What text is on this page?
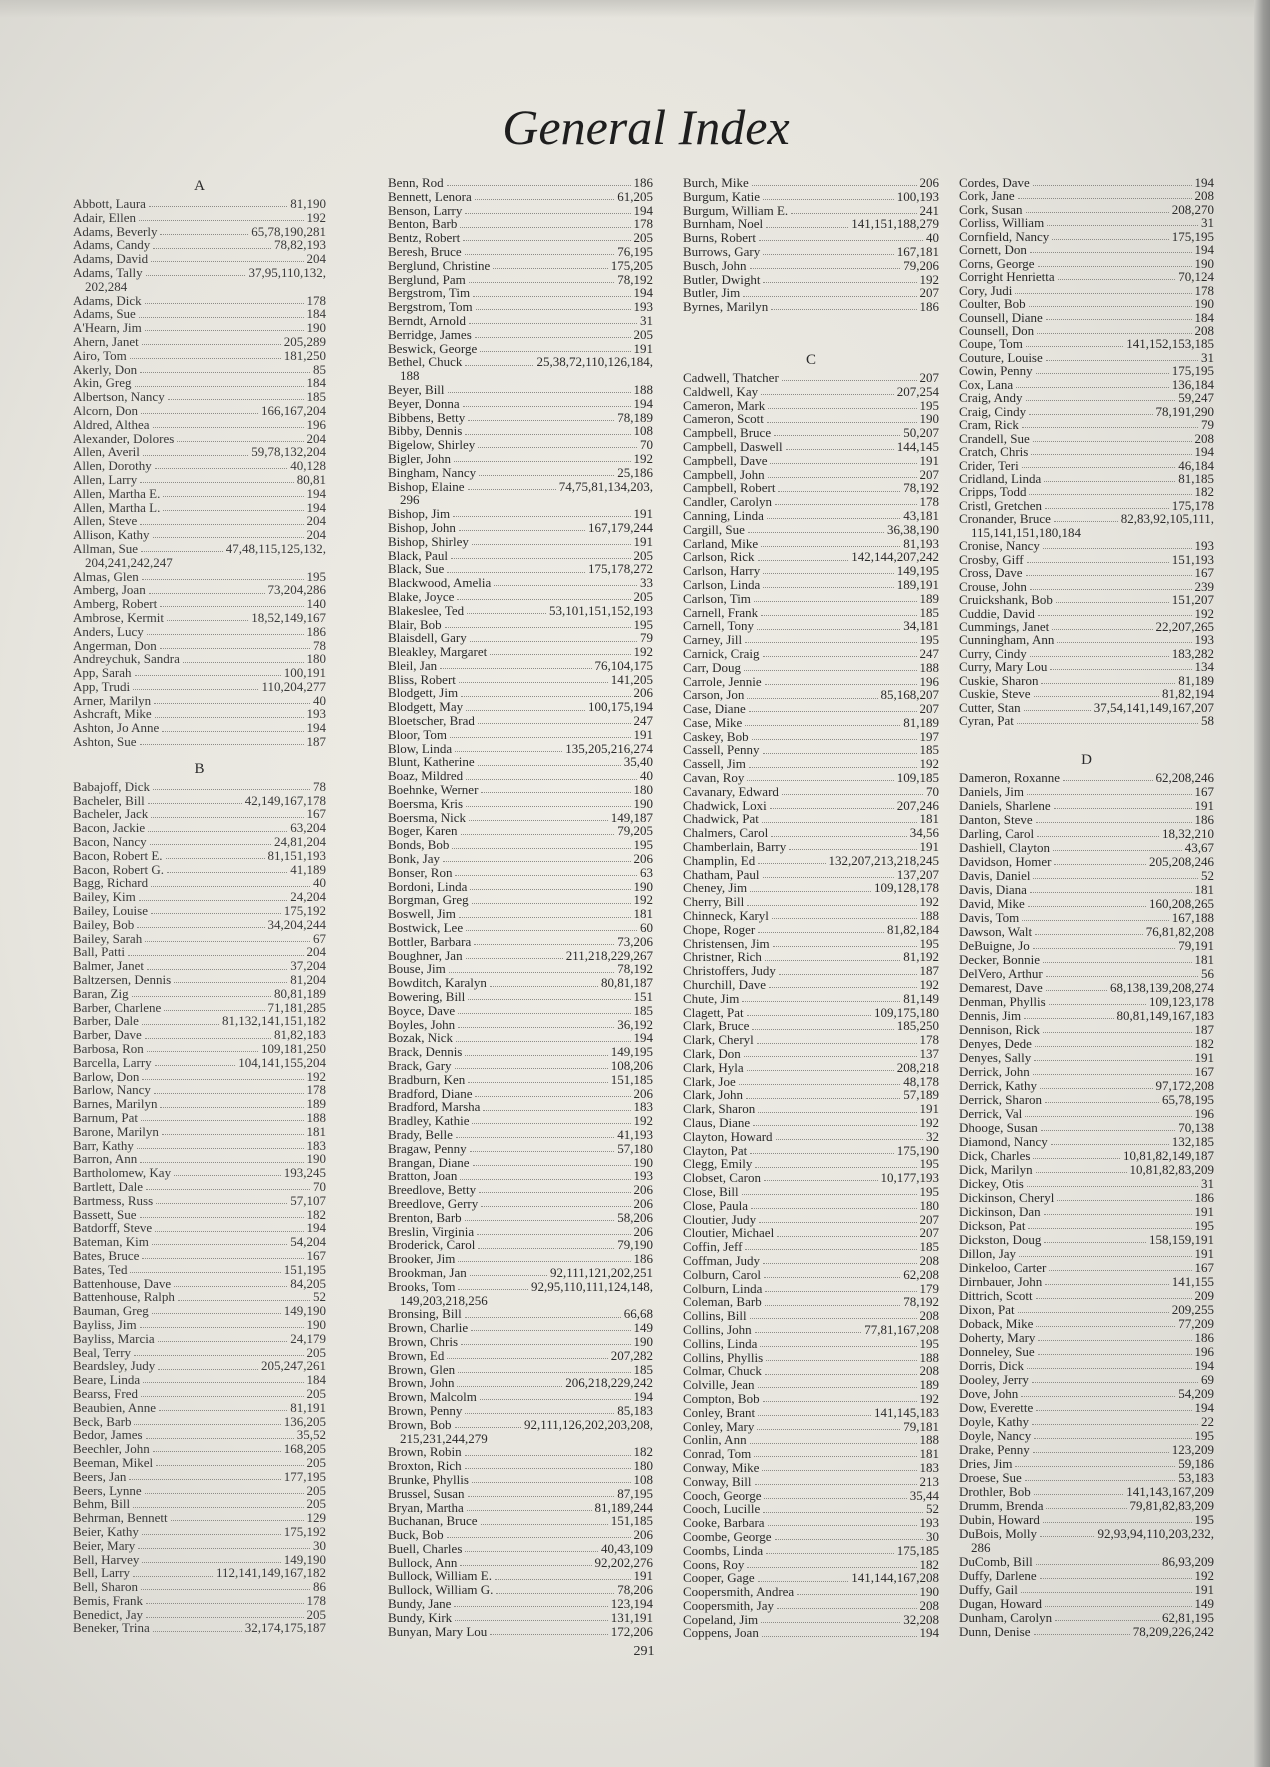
General Index
A
Abbott, Laura	81,190
Adair, Ellen	192
Adams, Beverly	65,78,190,281
Adams, Candy	78,82,193
Adams, David	204
Adams, Tally	37,95,110,132,
202,284
Adams, Dick	178
Adams, Sue	184
A'Hearn, Jim	190
Ahern, Janet	205,289
Airo, Tom	181,250
Akerly, Don	85
Akin, Greg	184
Albertson, Nancy	185
Alcorn, Don	166,167,204
Aldred, Althea	196
Alexander, Dolores	204
Allen, Averil	59,78,132,204
Allen, Dorothy	40,128
Allen, Larry	80,81
Allen, Martha E.	194
Allen, Martha L.	194
Allen, Steve	204
Allison, Kathy	204
Allman, Sue	47,48,115,125,132,
204,241,242,247
Almas, Glen	195
Amberg, Joan	73,204,286
Amberg, Robert	140
Ambrose, Kermit	18,52,149,167
Anders, Lucy	186
Angerman, Don	78
Andreychuk, Sandra	180
App, Sarah	100,191
App, Trudi	110,204,277
Arner, Marilyn	40
Ashcraft, Mike	193
Ashton, Jo Anne	194
Ashton, Sue	187
B
Babajoff, Dick	78
Bacheler, Bill	42,149,167,178
Bacheler, Jack	167
Bacon, Jackie	63,204
Bacon, Nancy	24,81,204
Bacon, Robert E.	81,151,193
Bacon, Robert G.	41,189
Bagg, Richard	40
Bailey, Kim	24,204
Bailey, Louise	175,192
Bailey, Bob	34,204,244
Bailey, Sarah	67
Ball, Patti	204
Balmer, Janet	37,204
Baltzersen, Dennis	81,204
Baran, Zig	80,81,189
Barber, Charlene	71,181,285
Barber, Dale	81,132,141,151,182
Barber, Dave	81,82,183
Barbosa, Ron	109,181,250
Barcella, Larry	104,141,155,204
Barlow, Don	192
Barlow, Nancy	178
Barnes, Marilyn	189
Barnum, Pat	188
Barone, Marilyn	181
Barr, Kathy	183
Barron, Ann	190
Bartholomew, Kay	193,245
Bartlett, Dale	70
Bartmess, Russ	57,107
Bassett, Sue	182
Batdorff, Steve	194
Bateman, Kim	54,204
Bates, Bruce	167
Bates, Ted	151,195
Battenhouse, Dave	84,205
Battenhouse, Ralph	52
Bauman, Greg	149,190
Bayliss, Jim	190
Bayliss, Marcia	24,179
Beal, Terry	205
Beardsley, Judy	205,247,261
Beare, Linda	184
Bearss, Fred	205
Beaubien, Anne	81,191
Beck, Barb	136,205
Bedor, James	35,52
Beechler, John	168,205
Beeman, Mikel	205
Beers, Jan	177,195
Beers, Lynne	205
Behm, Bill	205
Behrman, Bennett	129
Beier, Kathy	175,192
Beier, Mary	30
Bell, Harvey	149,190
Bell, Larry	112,141,149,167,182
Bell, Sharon	86
Bemis, Frank	178
Benedict, Jay	205
Beneker, Trina	32,174,175,187
Benn, Rod	186
Bennett, Lenora	61,205
Benson, Larry	194
Benton, Barb	178
Bentz, Robert	205
Beresh, Bruce	76,195
Berglund, Christine	175,205
Berglund, Pam	78,192
Bergstrom, Tim	194
Bergstrom, Tom	193
Berndt, Arnold	31
Berridge, James	205
Beswick, George	191
Bethel, Chuck	25,38,72,110,126,184,
188
Beyer, Bill	188
Beyer, Donna	194
Bibbens, Betty	78,189
Bibby, Dennis	108
Bigelow, Shirley	70
Bigler, John	192
Bingham, Nancy	25,186
Bishop, Elaine	74,75,81,134,203,
296
Bishop, Jim	191
Bishop, John	167,179,244
Bishop, Shirley	191
Black, Paul	205
Black, Sue	175,178,272
Blackwood, Amelia	33
Blake, Joyce	205
Blakeslee, Ted	53,101,151,152,193
Blair, Bob	195
Blaisdell, Gary	79
Bleakley, Margaret	192
Bleil, Jan	76,104,175
Bliss, Robert	141,205
Blodgett, Jim	206
Blodgett, May	100,175,194
Bloetscher, Brad	247
Bloor, Tom	191
Blow, Linda	135,205,216,274
Blunt, Katherine	35,40
Boaz, Mildred	40
Boehnke, Werner	180
Boersma, Kris	190
Boersma, Nick	149,187
Boger, Karen	79,205
Bonds, Bob	195
Bonk, Jay	206
Bonser, Ron	63
Bordoni, Linda	190
Borgman, Greg	192
Boswell, Jim	181
Bostwick, Lee	60
Bottler, Barbara	73,206
Boughner, Jan	211,218,229,267
Bouse, Jim	78,192
Bowditch, Karalyn	80,81,187
Bowering, Bill	151
Boyce, Dave	185
Boyles, John	36,192
Bozak, Nick	194
Brack, Dennis	149,195
Brack, Gary	108,206
Bradburn, Ken	151,185
Bradford, Diane	206
Bradford, Marsha	183
Bradley, Kathie	192
Brady, Belle	41,193
Bragaw, Penny	57,180
Brangan, Diane	190
Bratton, Joan	193
Breedlove, Betty	206
Breedlove, Gerry	206
Brenton, Barb	58,206
Breslin, Virginia	206
Broderick, Carol	79,190
Brooker, Jim	186
Brookman, Jan	92,111,121,202,251
Brooks, Tom	92,95,110,111,124,148,
149,203,218,256
Bronsing, Bill	66,68
Brown, Charlie	149
Brown, Chris	190
Brown, Ed	207,282
Brown, Glen	185
Brown, John	206,218,229,242
Brown, Malcolm	194
Brown, Penny	85,183
Brown, Bob	92,111,126,202,203,208,
215,231,244,279
Brown, Robin	182
Broxton, Rich	180
Brunke, Phyllis	108
Brussel, Susan	87,195
Bryan, Martha	81,189,244
Buchanan, Bruce	151,185
Buck, Bob	206
Buell, Charles	40,43,109
Bullock, Ann	92,202,276
Bullock, William E.	191
Bullock, William G.	78,206
Bundy, Jane	123,194
Bundy, Kirk	131,191
Bunyan, Mary Lou	172,206
Burch, Mike	206
Burgum, Katie	100,193
Burgum, William E.	241
Burnham, Noel	141,151,188,279
Burns, Robert	40
Burrows, Gary	167,181
Busch, John	79,206
Butler, Dwight	192
Butler, Jim	207
Byrnes, Marilyn	186
C
Cadwell, Thatcher	207
Caldwell, Kay	207,254
Cameron, Mark	195
Cameron, Scott	190
Campbell, Bruce	50,207
Campbell, Daswell	144,145
Campbell, Dave	191
Campbell, John	207
Campbell, Robert	78,192
Candler, Carolyn	178
Canning, Linda	43,181
Cargill, Sue	36,38,190
Carland, Mike	81,193
Carlson, Rick	142,144,207,242
Carlson, Harry	149,195
Carlson, Linda	189,191
Carlson, Tim	189
Carnell, Frank	185
Carnell, Tony	34,181
Carney, Jill	195
Carnick, Craig	247
Carr, Doug	188
Carrole, Jennie	196
Carson, Jon	85,168,207
Case, Diane	207
Case, Mike	81,189
Caskey, Bob	197
Cassell, Penny	185
Cassell, Jim	192
Cavan, Roy	109,185
Cavanary, Edward	70
Chadwick, Loxi	207,246
Chadwick, Pat	181
Chalmers, Carol	34,56
Chamberlain, Barry	191
Champlin, Ed	132,207,213,218,245
Chatham, Paul	137,207
Cheney, Jim	109,128,178
Cherry, Bill	192
Chinneck, Karyl	188
Chope, Roger	81,82,184
Christensen, Jim	195
Christner, Rich	81,192
Christoffers, Judy	187
Churchill, Dave	192
Chute, Jim	81,149
Clagett, Pat	109,175,180
Clark, Bruce	185,250
Clark, Cheryl	178
Clark, Don	137
Clark, Hyla	208,218
Clark, Joe	48,178
Clark, John	57,189
Clark, Sharon	191
Claus, Diane	192
Clayton, Howard	32
Clayton, Pat	175,190
Clegg, Emily	195
Clobset, Caron	10,177,193
Close, Bill	195
Close, Paula	180
Cloutier, Judy	207
Cloutier, Michael	207
Coffin, Jeff	185
Coffman, Judy	208
Colburn, Carol	62,208
Colburn, Linda	179
Coleman, Barb	78,192
Collins, Bill	208
Collins, John	77,81,167,208
Collins, Linda	195
Collins, Phyllis	188
Colmar, Chuck	208
Colville, Jean	189
Compton, Bob	192
Conley, Brant	141,145,183
Conley, Mary	79,181
Conlin, Ann	188
Conrad, Tom	181
Conway, Mike	183
Conway, Bill	213
Cooch, George	35,44
Cooch, Lucille	52
Cooke, Barbara	193
Coombe, George	30
Coombs, Linda	175,185
Coons, Roy	182
Cooper, Gage	141,144,167,208
Coopersmith, Andrea	190
Coopersmith, Jay	208
Copeland, Jim	32,208
Coppens, Joan	194
Cordes, Dave	194
Cork, Jane	208
Cork, Susan	208,270
Corliss, William	31
Cornfield, Nancy	175,195
Cornett, Don	194
Corns, George	190
Corright Henrietta	70,124
Cory, Judi	178
Coulter, Bob	190
Counsell, Diane	184
Counsell, Don	208
Coupe, Tom	141,152,153,185
Couture, Louise	31
Cowin, Penny	175,195
Cox, Lana	136,184
Craig, Andy	59,247
Craig, Cindy	78,191,290
Cram, Rick	79
Crandell, Sue	208
Cratch, Chris	194
Crider, Teri	46,184
Cridland, Linda	81,185
Cripps, Todd	182
Cristl, Gretchen	175,178
Cronander, Bruce	82,83,92,105,111,
115,141,151,180,184
Cronise, Nancy	193
Crosby, Giff	151,193
Cross, Dave	167
Crouse, John	239
Cruickshank, Bob	151,207
Cuddie, David	192
Cummings, Janet	22,207,265
Cunningham, Ann	193
Curry, Cindy	183,282
Curry, Mary Lou	134
Cuskie, Sharon	81,189
Cuskie, Steve	81,82,194
Cutter, Stan	37,54,141,149,167,207
Cyran, Pat	58
D
Dameron, Roxanne	62,208,246
Daniels, Jim	167
Daniels, Sharlene	191
Danton, Steve	186
Darling, Carol	18,32,210
Dashiell, Clayton	43,67
Davidson, Homer	205,208,246
Davis, Daniel	52
Davis, Diana	181
David, Mike	160,208,265
Davis, Tom	167,188
Dawson, Walt	76,81,82,208
DeBuigne, Jo	79,191
Decker, Bonnie	181
DelVero, Arthur	56
Demarest, Dave	68,138,139,208,274
Denman, Phyllis	109,123,178
Dennis, Jim	80,81,149,167,183
Dennison, Rick	187
Denyes, Dede	182
Denyes, Sally	191
Derrick, John	167
Derrick, Kathy	97,172,208
Derrick, Sharon	65,78,195
Derrick, Val	196
Dhooge, Susan	70,138
Diamond, Nancy	132,185
Dick, Charles	10,81,82,149,187
Dick, Marilyn	10,81,82,83,209
Dickey, Otis	31
Dickinson, Cheryl	186
Dickinson, Dan	191
Dickson, Pat	195
Dickston, Doug	158,159,191
Dillon, Jay	191
Dinkeloo, Carter	167
Dirnbauer, John	141,155
Dittrich, Scott	209
Dixon, Pat	209,255
Doback, Mike	77,209
Doherty, Mary	186
Donneley, Sue	196
Dorris, Dick	194
Dooley, Jerry	69
Dove, John	54,209
Dow, Everette	194
Doyle, Kathy	22
Doyle, Nancy	195
Drake, Penny	123,209
Dries, Jim	59,186
Droese, Sue	53,183
Drothler, Bob	141,143,167,209
Drumm, Brenda	79,81,82,83,209
Dubin, Howard	195
DuBois, Molly	92,93,94,110,203,232,
286
DuComb, Bill	86,93,209
Duffy, Darlene	192
Duffy, Gail	191
Dugan, Howard	149
Dunham, Carolyn	62,81,195
Dunn, Denise	78,209,226,242
291
